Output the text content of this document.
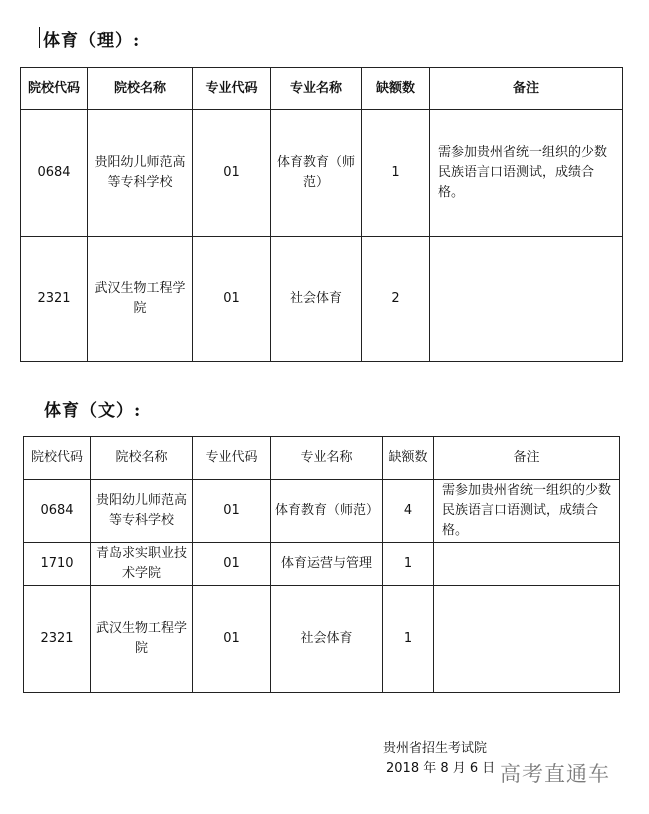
体育（理）:
院校代码	院校名称	专业代码	专业名称	缺额数	备注
0684	贵阳幼儿师范高等专科学校	01	体育教育（师范）	1	需参加贵州省统一组织的少数民族语言口语测试，成绩合格。
2321	武汉生物工程学院	01	社会体育	2	
体育（文）:
院校代码	院校名称	专业代码	专业名称	缺额数	备注
0684	贵阳幼儿师范高等专科学校	01	体育教育（师范）	4	需参加贵州省统一组织的少数民族语言口语测试，成绩合格。
1710	青岛求实职业技术学院	01	体育运营与管理	1	
2321	武汉生物工程学院	01	社会体育	1	
贵州省招生考试院
2018 年 8 月 6 日 高考直通车
